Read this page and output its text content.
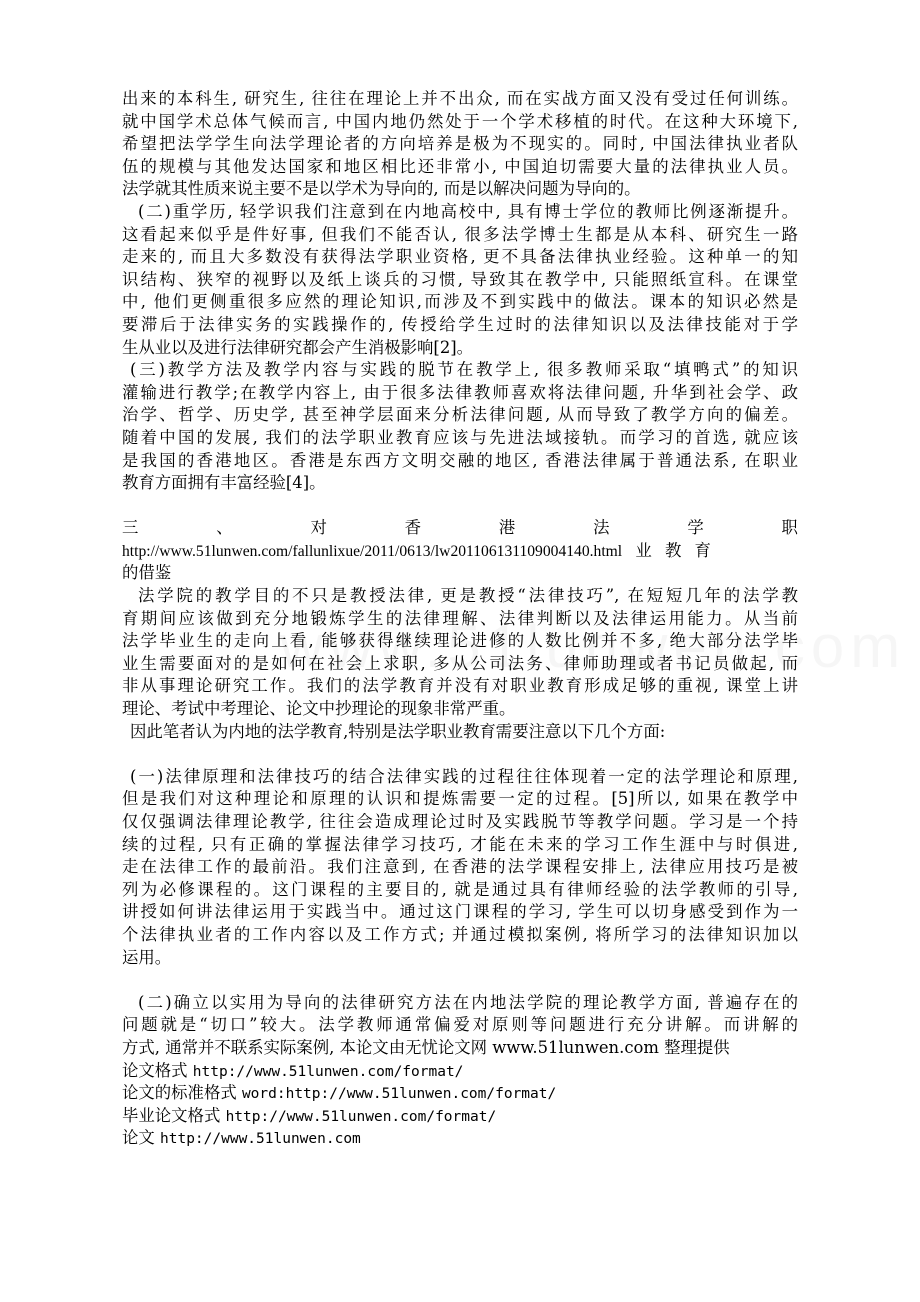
出来的本科生, 研究生, 往往在理论上并不出众, 而在实战方面又没有受过任何训练。
就中国学术总体气候而言, 中国内地仍然处于一个学术移植的时代。在这种大环境下,
希望把法学学生向法学理论者的方向培养是极为不现实的。同时, 中国法律执业者队
伍的规模与其他发达国家和地区相比还非常小, 中国迫切需要大量的法律执业人员。
法学就其性质来说主要不是以学术为导向的, 而是以解决问题为导向的。
(二)重学历, 轻学识我们注意到在内地高校中, 具有博士学位的教师比例逐渐提升。
这看起来似乎是件好事, 但我们不能否认, 很多法学博士生都是从本科、研究生一路
走来的, 而且大多数没有获得法学职业资格, 更不具备法律执业经验。这种单一的知
识结构、狭窄的视野以及纸上谈兵的习惯, 导致其在教学中, 只能照纸宣科。在课堂
中, 他们更侧重很多应然的理论知识,而涉及不到实践中的做法。课本的知识必然是
要滞后于法律实务的实践操作的, 传授给学生过时的法律知识以及法律技能对于学
生从业以及进行法律研究都会产生消极影响[2]。
(三)教学方法及教学内容与实践的脱节在教学上, 很多教师采取“填鸭式”的知识
灌输进行教学;在教学内容上, 由于很多法律教师喜欢将法律问题, 升华到社会学、政
治学、哲学、历史学, 甚至神学层面来分析法律问题, 从而导致了教学方向的偏差。
随着中国的发展, 我们的法学职业教育应该与先进法域接轨。而学习的首选, 就应该
是我国的香港地区。香港是东西方文明交融的地区, 香港法律属于普通法系, 在职业
教育方面拥有丰富经验[4]。
三	、	对	香	港	法	学	职
http://www.51lunwen.com/fallunlixue/2011/0613/lw201106131109004140.html 业 教 育
的借鉴
法学院的教学目的不只是教授法律, 更是教授“法律技巧”, 在短短几年的法学教
育期间应该做到充分地锻炼学生的法律理解、法律判断以及法律运用能力。从当前
法学毕业生的走向上看, 能够获得继续理论进修的人数比例并不多, 绝大部分法学毕
业生需要面对的是如何在社会上求职, 多从公司法务、律师助理或者书记员做起, 而
非从事理论研究工作。我们的法学教育并没有对职业教育形成足够的重视, 课堂上讲
理论、考试中考理论、论文中抄理论的现象非常严重。
因此笔者认为内地的法学教育,特别是法学职业教育需要注意以下几个方面:
(一)法律原理和法律技巧的结合法律实践的过程往往体现着一定的法学理论和原理,
但是我们对这种理论和原理的认识和提炼需要一定的过程。[5]所以, 如果在教学中
仅仅强调法律理论教学, 往往会造成理论过时及实践脱节等教学问题。学习是一个持
续的过程, 只有正确的掌握法律学习技巧, 才能在未来的学习工作生涯中与时俱进,
走在法律工作的最前沿。我们注意到, 在香港的法学课程安排上, 法律应用技巧是被
列为必修课程的。这门课程的主要目的, 就是通过具有律师经验的法学教师的引导,
讲授如何讲法律运用于实践当中。通过这门课程的学习, 学生可以切身感受到作为一
个法律执业者的工作内容以及工作方式; 并通过模拟案例, 将所学习的法律知识加以
运用。
(二)确立以实用为导向的法律研究方法在内地法学院的理论教学方面, 普遍存在的
问题就是“切口”较大。法学教师通常偏爱对原则等问题进行充分讲解。而讲解的
方式, 通常并不联系实际案例, 本论文由无忧论文网 www.51lunwen.com 整理提供
论文格式 http://www.51lunwen.com/format/
论文的标准格式 word:http://www.51lunwen.com/format/
毕业论文格式 http://www.51lunwen.com/format/
论文 http://www.51lunwen.com
